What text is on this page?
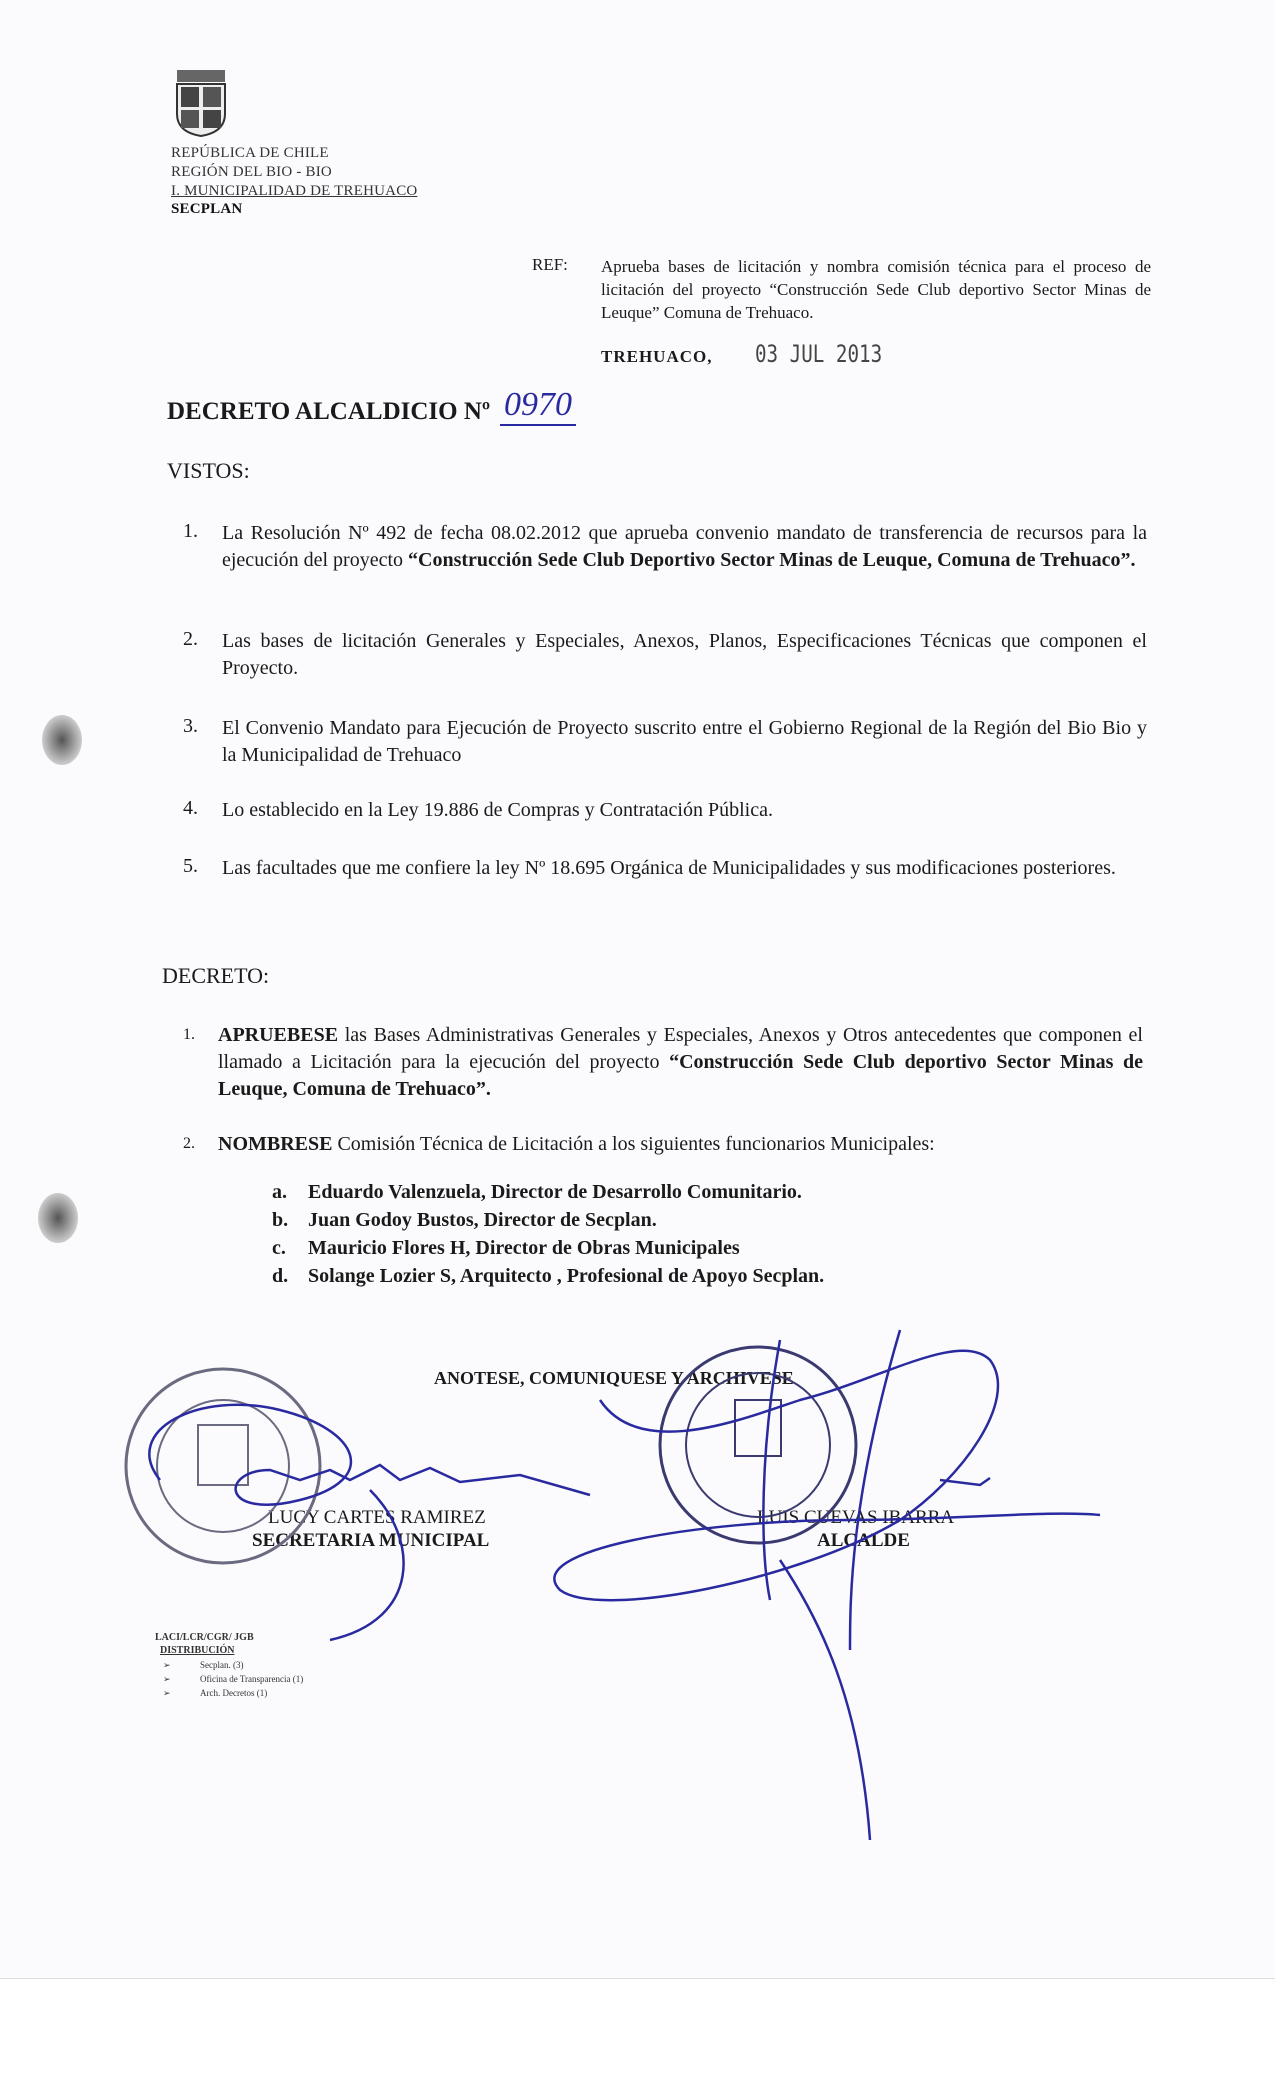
REPÚBLICA DE CHILE
REGIÓN DEL BIO - BIO
I. MUNICIPALIDAD DE TREHUACO
SECPLAN
REF: Aprueba bases de licitación y nombra comisión técnica para el proceso de licitación del proyecto “Construcción Sede Club deportivo Sector Minas de Leuque” Comuna de Trehuaco.
TREHUACO, 03 JUL 2013
DECRETO ALCALDICIO Nº 0970
VISTOS:
1. La Resolución Nº 492 de fecha 08.02.2012 que aprueba convenio mandato de transferencia de recursos para la ejecución del proyecto “Construcción Sede Club Deportivo Sector Minas de Leuque, Comuna de Trehuaco”.
2. Las bases de licitación Generales y Especiales, Anexos, Planos, Especificaciones Técnicas que componen el Proyecto.
3. El Convenio Mandato para Ejecución de Proyecto suscrito entre el Gobierno Regional de la Región del Bio Bio y la Municipalidad de Trehuaco
4. Lo establecido en la Ley 19.886 de Compras y Contratación Pública.
5. Las facultades que me confiere la ley Nº 18.695 Orgánica de Municipalidades y sus modificaciones posteriores.
DECRETO:
1. APRUEBESE las Bases Administrativas Generales y Especiales, Anexos y Otros antecedentes que componen el llamado a Licitación para la ejecución del proyecto “Construcción Sede Club deportivo Sector Minas de Leuque, Comuna de Trehuaco”.
2. NOMBRESE Comisión Técnica de Licitación a los siguientes funcionarios Municipales:
a. Eduardo Valenzuela, Director de Desarrollo Comunitario.
b. Juan Godoy Bustos, Director de Secplan.
c. Mauricio Flores H, Director de Obras Municipales
d. Solange Lozier S, Arquitecto , Profesional de Apoyo Secplan.
ANOTESE, COMUNIQUESE Y ARCHIVESE
LUCY CARTES RAMIREZ
SECRETARIA MUNICIPAL
LUIS CUEVAS IBARRA
ALCALDE
LACI/LCR/CGR/ JGB
DISTRIBUCIÓN
➢	Secplan. (3)
➢	Oficina de Transparencia (1)
➢	Arch. Decretos (1)
